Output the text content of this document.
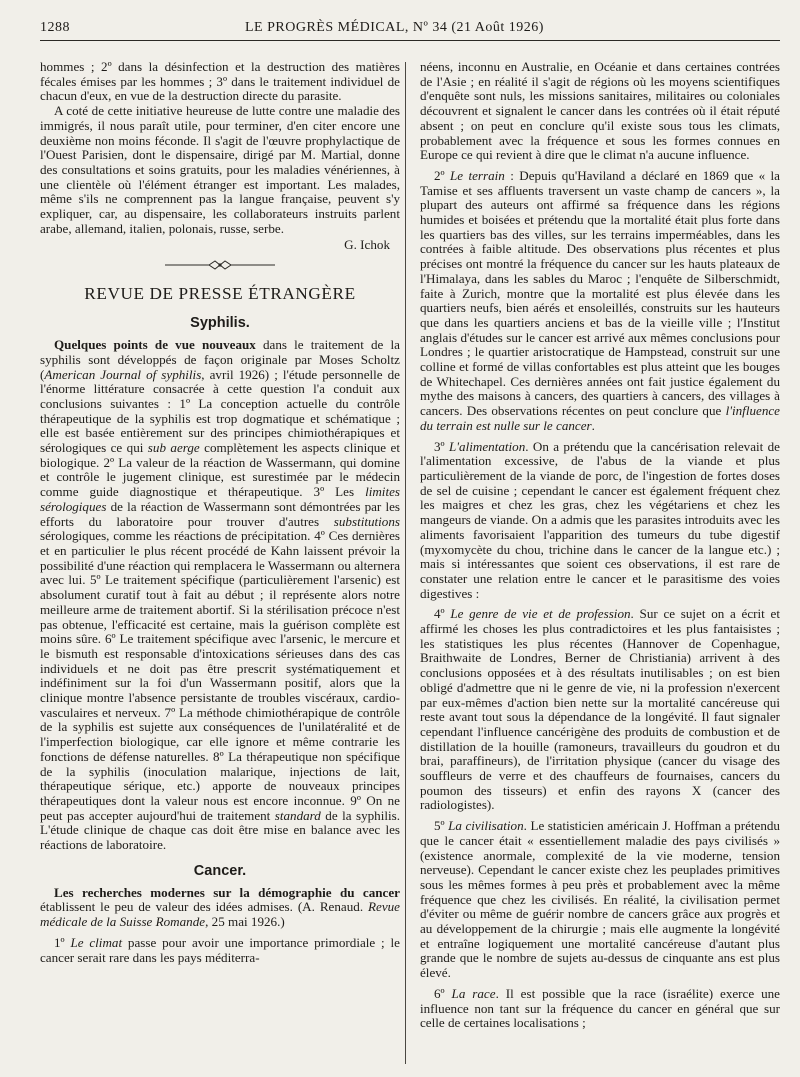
1288	LE PROGRÈS MÉDICAL, Nº 34 (21 Août 1926)

hommes ; 2º dans la désinfection et la destruction des matières fécales émises par les hommes ; 3º dans le traitement individuel de chacun d'eux, en vue de la destruction directe du parasite.

A coté de cette initiative heureuse de lutte contre une maladie des immigrés, il nous paraît utile, pour terminer, d'en citer encore une deuxième non moins féconde. Il s'agit de l'œuvre prophylactique de l'Ouest Parisien, dont le dispensaire, dirigé par M. Martial, donne des consultations et soins gratuits, pour les maladies vénériennes, à une clientèle où l'élément étranger est important. Les malades, même s'ils ne comprennent pas la langue française, peuvent s'y expliquer, car, au dispensaire, les collaborateurs instruits parlent arabe, allemand, italien, polonais, russe, serbe.

G. Ichok

REVUE DE PRESSE ÉTRANGÈRE

Syphilis.

Quelques points de vue nouveaux dans le traitement de la syphilis sont développés de façon originale par Moses Scholtz (American Journal of syphilis, avril 1926) ; l'étude personnelle de l'énorme littérature consacrée à cette question l'a conduit aux conclusions suivantes : 1º La conception actuelle du contrôle thérapeutique de la syphilis est trop dogmatique et schématique ; elle est basée entièrement sur des principes chimiothérapiques et sérologiques ce qui sub aerge complètement les aspects clinique et biologique. 2º La valeur de la réaction de Wassermann, qui domine et contrôle le jugement clinique, est surestimée par le médecin comme guide diagnostique et thérapeutique. 3º Les limites sérologiques de la réaction de Wassermann sont démontrées par les efforts du laboratoire pour trouver d'autres substitutions sérologiques, comme les réactions de précipitation. 4º Ces dernières et en particulier le plus récent procédé de Kahn laissent prévoir la possibilité d'une réaction qui remplacera le Wassermann ou alternera avec lui. 5º Le traitement spécifique (particulièrement l'arsenic) est absolument curatif tout à fait au début ; il représente alors notre meilleure arme de traitement abortif. Si la stérilisation précoce n'est pas obtenue, l'efficacité est certaine, mais la guérison complète est moins sûre. 6º Le traitement spécifique avec l'arsenic, le mercure et le bismuth est responsable d'intoxications sérieuses dans des cas individuels et ne doit pas être prescrit systématiquement et indéfiniment sur la foi d'un Wassermann positif, alors que la clinique montre l'absence persistante de troubles viscéraux, cardio-vasculaires et nerveux. 7º La méthode chimiothérapique de contrôle de la syphilis est sujette aux conséquences de l'unilatéralité et de l'imperfection biologique, car elle ignore et même contrarie les fonctions de défense naturelles. 8º La thérapeutique non spécifique de la syphilis (inoculation malarique, injections de lait, thérapeutique sérique, etc.) apporte de nouveaux principes thérapeutiques dont la valeur nous est encore inconnue. 9º On ne peut pas accepter aujourd'hui de traitement standard de la syphilis. L'étude clinique de chaque cas doit être mise en balance avec les réactions de laboratoire.

Cancer.

Les recherches modernes sur la démographie du cancer établissent le peu de valeur des idées admises. (A. Renaud. Revue médicale de la Suisse Romande, 25 mai 1926.)

1º Le climat passe pour avoir une importance primordiale ; le cancer serait rare dans les pays méditerra-

néens, inconnu en Australie, en Océanie et dans certaines contrées de l'Asie ; en réalité il s'agit de régions où les moyens scientifiques d'enquête sont nuls, les missions sanitaires, militaires ou coloniales découvrent et signalent le cancer dans les contrées où il était réputé absent ; on peut en conclure qu'il existe sous tous les climats, probablement avec la fréquence et sous les formes connues en Europe ce qui revient à dire que le climat n'a aucune influence.

2º Le terrain : Depuis qu'Haviland a déclaré en 1869 que « la Tamise et ses affluents traversent un vaste champ de cancers », la plupart des auteurs ont affirmé sa fréquence dans les régions humides et boisées et prétendu que la mortalité était plus forte dans les quartiers bas des villes, sur les terrains imperméables, dans les contrées à faible altitude. Des observations plus récentes et plus précises ont montré la fréquence du cancer sur les hauts plateaux de l'Himalaya, dans les sables du Maroc ; l'enquête de Silberschmidt, faite à Zurich, montre que la mortalité est plus élevée dans les quartiers neufs, bien aérés et ensoleillés, construits sur les hauteurs que dans les quartiers anciens et bas de la vieille ville ; l'Institut anglais d'études sur le cancer est arrivé aux mêmes conclusions pour Londres ; le quartier aristocratique de Hampstead, construit sur une colline et formé de villas confortables est plus atteint que les bouges de Whitechapel. Ces dernières années ont fait justice également du mythe des maisons à cancers, des quartiers à cancers, des villages à cancers. Des observations récentes on peut conclure que l'influence du terrain est nulle sur le cancer.

3º L'alimentation. On a prétendu que la cancérisation relevait de l'alimentation excessive, de l'abus de la viande et plus particulièrement de la viande de porc, de l'ingestion de fortes doses de sel de cuisine ; cependant le cancer est également fréquent chez les maigres et chez les gras, chez les végétariens et chez les mangeurs de viande. On a admis que les parasites introduits avec les aliments favorisaient l'apparition des tumeurs du tube digestif (myxomycète du chou, trichine dans le cancer de la langue etc.) ; mais si intéressantes que soient ces observations, il est rare de constater une relation entre le cancer et le parasitisme des voies digestives :

4º Le genre de vie et de profession. Sur ce sujet on a écrit et affirmé les choses les plus contradictoires et les plus fantaisistes ; les statistiques les plus récentes (Hannover de Copenhague, Braithwaite de Londres, Berner de Christiania) arrivent à des conclusions opposées et à des résultats inutilisables ; on est bien obligé d'admettre que ni le genre de vie, ni la profession n'exercent par eux-mêmes d'action bien nette sur la mortalité cancéreuse qui reste avant tout sous la dépendance de la longévité. Il faut signaler cependant l'influence cancérigène des produits de combustion et de distillation de la houille (ramoneurs, travailleurs du goudron et du brai, paraffineurs), de l'irritation physique (cancer du visage des souffleurs de verre et des chauffeurs de fournaises, cancers du poumon des tisseurs) et enfin des rayons X (cancer des radiologistes).

5º La civilisation. Le statisticien américain J. Hoffman a prétendu que le cancer était « essentiellement maladie des pays civilisés » (existence anormale, complexité de la vie moderne, tension nerveuse). Cependant le cancer existe chez les peuplades primitives sous les mêmes formes à peu près et probablement avec la même fréquence que chez les civilisés. En réalité, la civilisation permet d'éviter ou même de guérir nombre de cancers grâce aux progrès et au développement de la chirurgie ; mais elle augmente la longévité et entraîne logiquement une mortalité cancéreuse d'autant plus grande que le nombre de sujets au-dessus de cinquante ans est plus élevé.

6º La race. Il est possible que la race (israélite) exerce une influence non tant sur la fréquence du cancer en général que sur celle de certaines localisations ;
